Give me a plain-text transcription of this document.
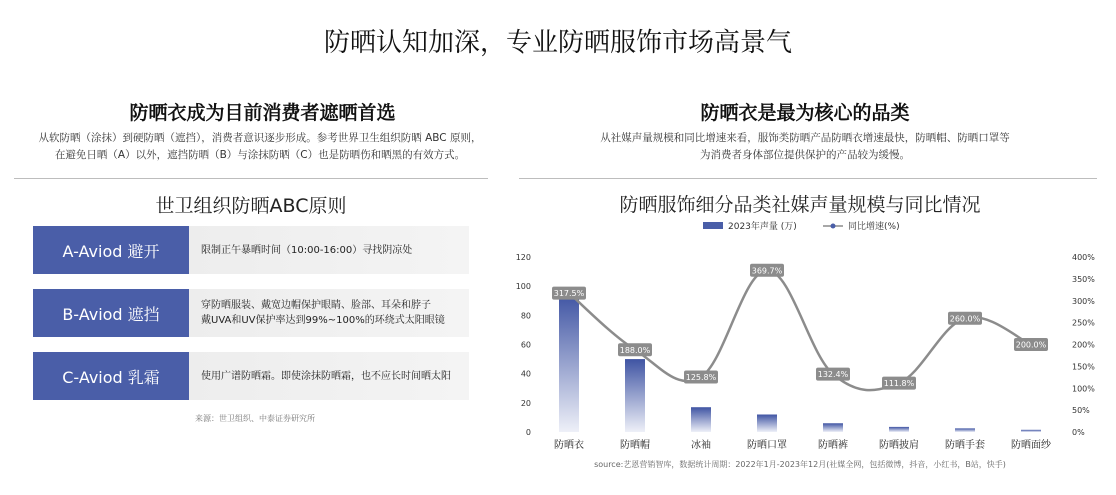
防晒认知加深，专业防晒服饰市场高景气
防晒衣成为目前消费者遮晒首选
从软防晒（涂抹）到硬防晒（遮挡），消费者意识逐步形成。参考世界卫生组织防晒 ABC 原则，
在避免日晒（A）以外，遮挡防晒（B）与涂抹防晒（C）也是防晒伤和晒黑的有效方式。
世卫组织防晒ABC原则
A-Aviod 避开	限制正午暴晒时间（10:00-16:00）寻找阴凉处
B-Aviod 遮挡	穿防晒服装、戴宽边帽保护眼睛、脸部、耳朵和脖子
戴UVA和UV保护率达到99%~100%的环绕式太阳眼镜
C-Aviod 乳霜	使用广谱防晒霜。即使涂抹防晒霜，也不应长时间晒太阳
来源：世卫组织、中泰证券研究所
防晒衣是最为核心的品类
从社媒声量规模和同比增速来看，服饰类防晒产品防晒衣增速最快，防晒帽、防晒口罩等
为消费者身体部位提供保护的产品较为缓慢。
防晒服饰细分品类社媒声量规模与同比情况
2023年声量 (万)	同比增速(%)
0
20
40
60
80
100
120
0%
50%
100%
150%
200%
250%
300%
350%
400%
317.5%
188.0%
125.8%
369.7%
132.4%
111.8%
260.0%
200.0%
防晒衣	防晒帽	冰袖	防晒口罩	防晒裤	防晒披肩	防晒手套	防晒面纱
source:艺恩营销智库，数据统计周期：2022年1月-2023年12月(社媒全网，包括微博，抖音，小红书，B站，快手)
